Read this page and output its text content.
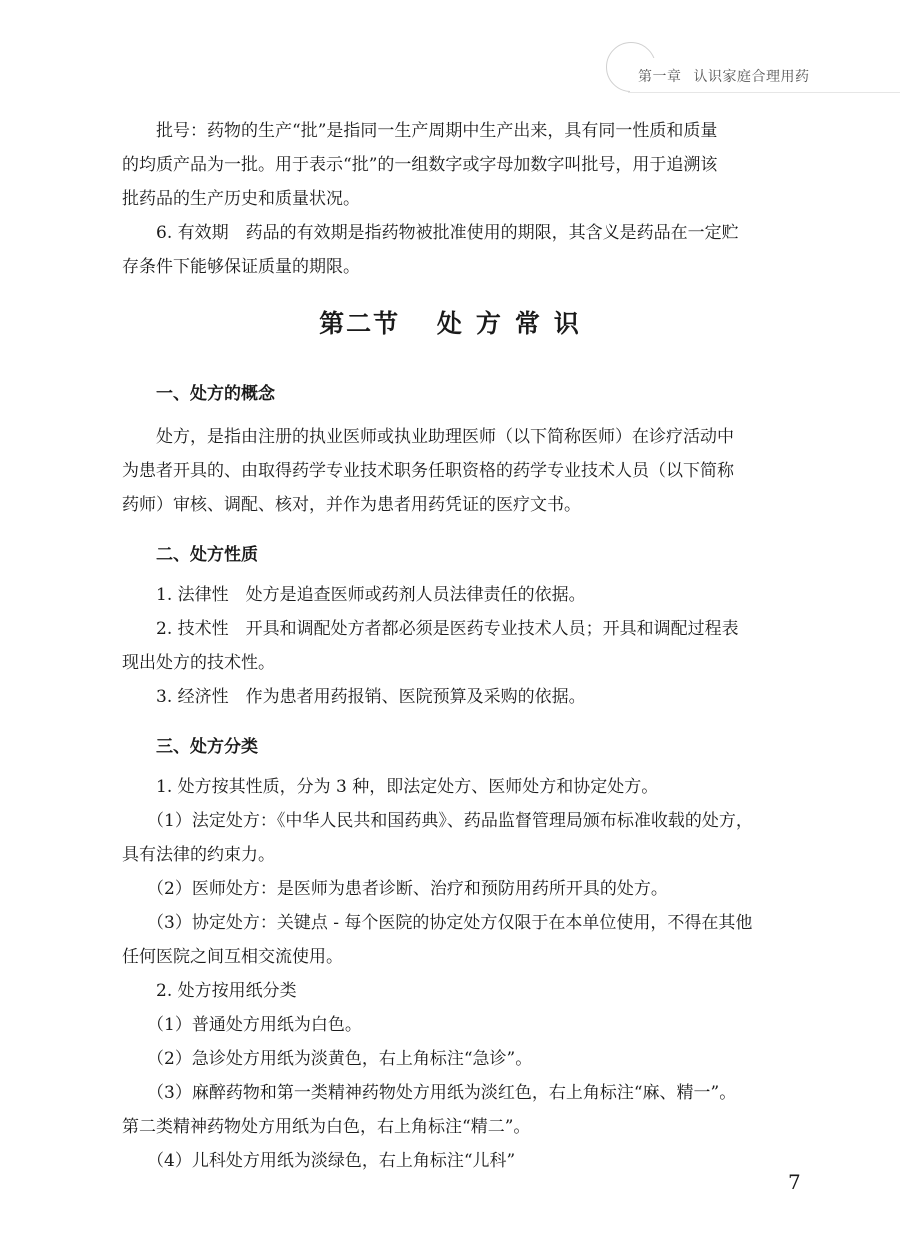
第一章 认识家庭合理用药
批号：药物的生产“批”是指同一生产周期中生产出来，具有同一性质和质量
的均质产品为一批。用于表示“批”的一组数字或字母加数字叫批号，用于追溯该
批药品的生产历史和质量状况。
6. 有效期　药品的有效期是指药物被批准使用的期限，其含义是药品在一定贮
存条件下能够保证质量的期限。
第二节 处 方 常 识
一、处方的概念
处方，是指由注册的执业医师或执业助理医师（以下简称医师）在诊疗活动中
为患者开具的、由取得药学专业技术职务任职资格的药学专业技术人员（以下简称
药师）审核、调配、核对，并作为患者用药凭证的医疗文书。
二、处方性质
1. 法律性　处方是追查医师或药剂人员法律责任的依据。
2. 技术性　开具和调配处方者都必须是医药专业技术人员；开具和调配过程表
现出处方的技术性。
3. 经济性　作为患者用药报销、医院预算及采购的依据。
三、处方分类
1. 处方按其性质，分为 3 种，即法定处方、医师处方和协定处方。
（1）法定处方：《中华人民共和国药典》、药品监督管理局颁布标准收载的处方，
具有法律的约束力。
（2）医师处方：是医师为患者诊断、治疗和预防用药所开具的处方。
（3）协定处方：关键点 - 每个医院的协定处方仅限于在本单位使用，不得在其他
任何医院之间互相交流使用。
2. 处方按用纸分类
（1）普通处方用纸为白色。
（2）急诊处方用纸为淡黄色，右上角标注“急诊”。
（3）麻醉药物和第一类精神药物处方用纸为淡红色，右上角标注“麻、精一”。
第二类精神药物处方用纸为白色，右上角标注“精二”。
（4）儿科处方用纸为淡绿色，右上角标注“儿科”
7
